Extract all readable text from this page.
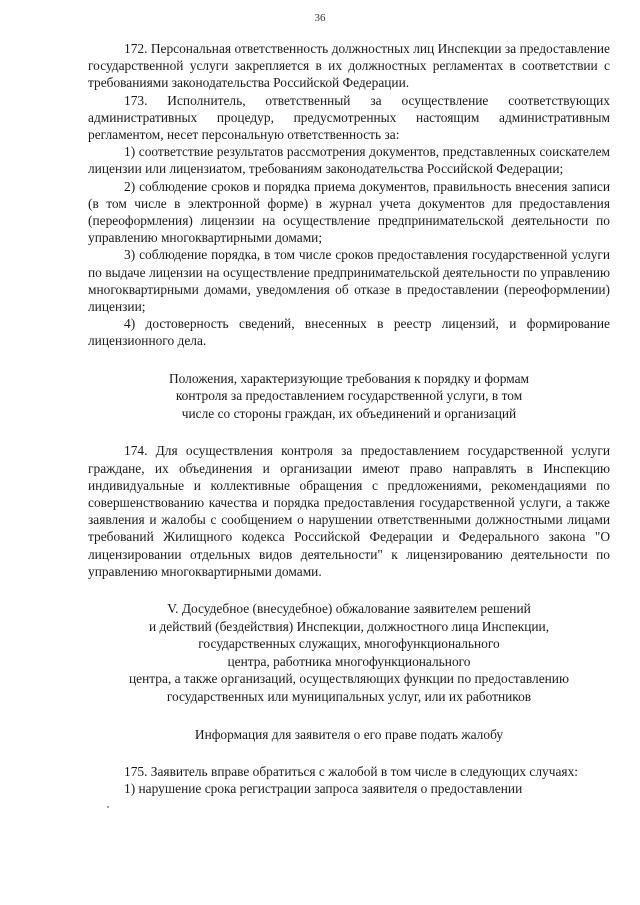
36

172. Персональная ответственность должностных лиц Инспекции за предоставление государственной услуги закрепляется в их должностных регламентах в соответствии с требованиями законодательства Российской Федерации.

173. Исполнитель, ответственный за осуществление соответствующих административных процедур, предусмотренных настоящим административным регламентом, несет персональную ответственность за:

1) соответствие результатов рассмотрения документов, представленных соискателем лицензии или лицензиатом, требованиям законодательства Российской Федерации;

2) соблюдение сроков и порядка приема документов, правильность внесения записи (в том числе в электронной форме) в журнал учета документов для предоставления (переоформления) лицензии на осуществление предпринимательской деятельности по управлению многоквартирными домами;

3) соблюдение порядка, в том числе сроков предоставления государственной услуги по выдаче лицензии на осуществление предпринимательской деятельности по управлению многоквартирными домами, уведомления об отказе в предоставлении (переоформлении) лицензии;

4) достоверность сведений, внесенных в реестр лицензий, и формирование лицензионного дела.

Положения, характеризующие требования к порядку и формам
контроля за предоставлением государственной услуги, в том
числе со стороны граждан, их объединений и организаций

174. Для осуществления контроля за предоставлением государственной услуги граждане, их объединения и организации имеют право направлять в Инспекцию индивидуальные и коллективные обращения с предложениями, рекомендациями по совершенствованию качества и порядка предоставления государственной услуги, а также заявления и жалобы с сообщением о нарушении ответственными должностными лицами требований Жилищного кодекса Российской Федерации и Федерального закона "О лицензировании отдельных видов деятельности" к лицензированию деятельности по управлению многоквартирными домами.

V. Досудебное (внесудебное) обжалование заявителем решений
и действий (бездействия) Инспекции, должностного лица Инспекции,
государственных служащих, многофункционального
центра, работника многофункционального
центра, а также организаций, осуществляющих функции по предоставлению
государственных или муниципальных услуг, или их работников
Информация для заявителя о его праве подать жалобу

175. Заявитель вправе обратиться с жалобой в том числе в следующих случаях:

1) нарушение срока регистрации запроса заявителя о предоставлении
